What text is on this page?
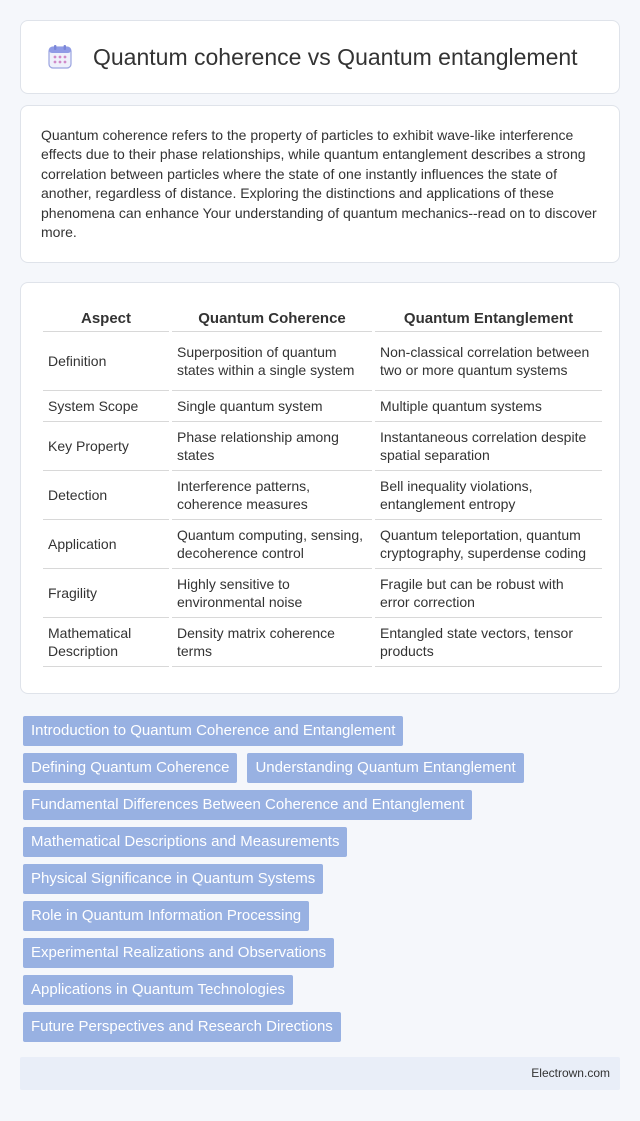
Quantum coherence vs Quantum entanglement

Quantum coherence refers to the property of particles to exhibit wave-like interference effects due to their phase relationships, while quantum entanglement describes a strong correlation between particles where the state of one instantly influences the state of another, regardless of distance. Exploring the distinctions and applications of these phenomena can enhance Your understanding of quantum mechanics--read on to discover more.

Aspect	Quantum Coherence	Quantum Entanglement
Definition	Superposition of quantum states within a single system	Non-classical correlation between two or more quantum systems
System Scope	Single quantum system	Multiple quantum systems
Key Property	Phase relationship among states	Instantaneous correlation despite spatial separation
Detection	Interference patterns, coherence measures	Bell inequality violations, entanglement entropy
Application	Quantum computing, sensing, decoherence control	Quantum teleportation, quantum cryptography, superdense coding
Fragility	Highly sensitive to environmental noise	Fragile but can be robust with error correction
Mathematical Description	Density matrix coherence terms	Entangled state vectors, tensor products
Introduction to Quantum Coherence and Entanglement
Defining Quantum Coherence	Understanding Quantum Entanglement
Fundamental Differences Between Coherence and Entanglement
Mathematical Descriptions and Measurements
Physical Significance in Quantum Systems
Role in Quantum Information Processing
Experimental Realizations and Observations
Applications in Quantum Technologies
Future Perspectives and Research Directions
Electrown.com
